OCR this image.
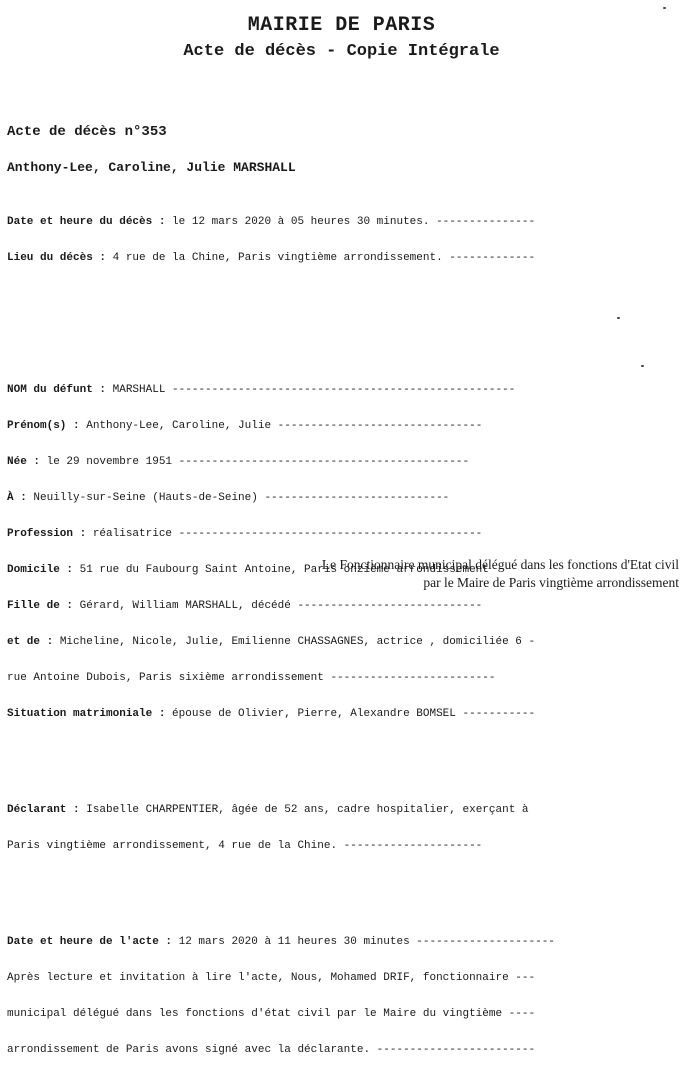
MAIRIE DE PARIS
Acte de décès - Copie Intégrale
Acte de décès n°353
Anthony-Lee, Caroline, Julie MARSHALL

Date et heure du décès : le 12 mars 2020 à 05 heures 30 minutes. ---------------

Lieu du décès : 4 rue de la Chine, Paris vingtième arrondissement. -------------

NOM du défunt : MARSHALL ----------------------------------------------------

Prénom(s) : Anthony-Lee, Caroline, Julie -------------------------------

Née : le 29 novembre 1951 --------------------------------------------

À : Neuilly-sur-Seine (Hauts-de-Seine) ----------------------------

Profession : réalisatrice ----------------------------------------------

Domicile : 51 rue du Faubourg Saint Antoine, Paris onzième arrondissement

Fille de : Gérard, William MARSHALL, décédé ----------------------------

et de : Micheline, Nicole, Julie, Emilienne CHASSAGNES, actrice , domiciliée 6 -

rue Antoine Dubois, Paris sixième arrondissement -------------------------

Situation matrimoniale : épouse de Olivier, Pierre, Alexandre BOMSEL -----------

Déclarant : Isabelle CHARPENTIER, âgée de 52 ans, cadre hospitalier, exerçant à

Paris vingtième arrondissement, 4 rue de la Chine. ---------------------

Date et heure de l'acte : 12 mars 2020 à 11 heures 30 minutes ---------------------

Après lecture et invitation à lire l'acte, Nous, Mohamed DRIF, fonctionnaire ---

municipal délégué dans les fonctions d'état civil par le Maire du vingtième ----

arrondissement de Paris avons signé avec la déclarante. ------------------------

Le Fonctionnaire municipal délégué dans les fonctions d'Etat civil
par le Maire de Paris vingtième arrondissement
